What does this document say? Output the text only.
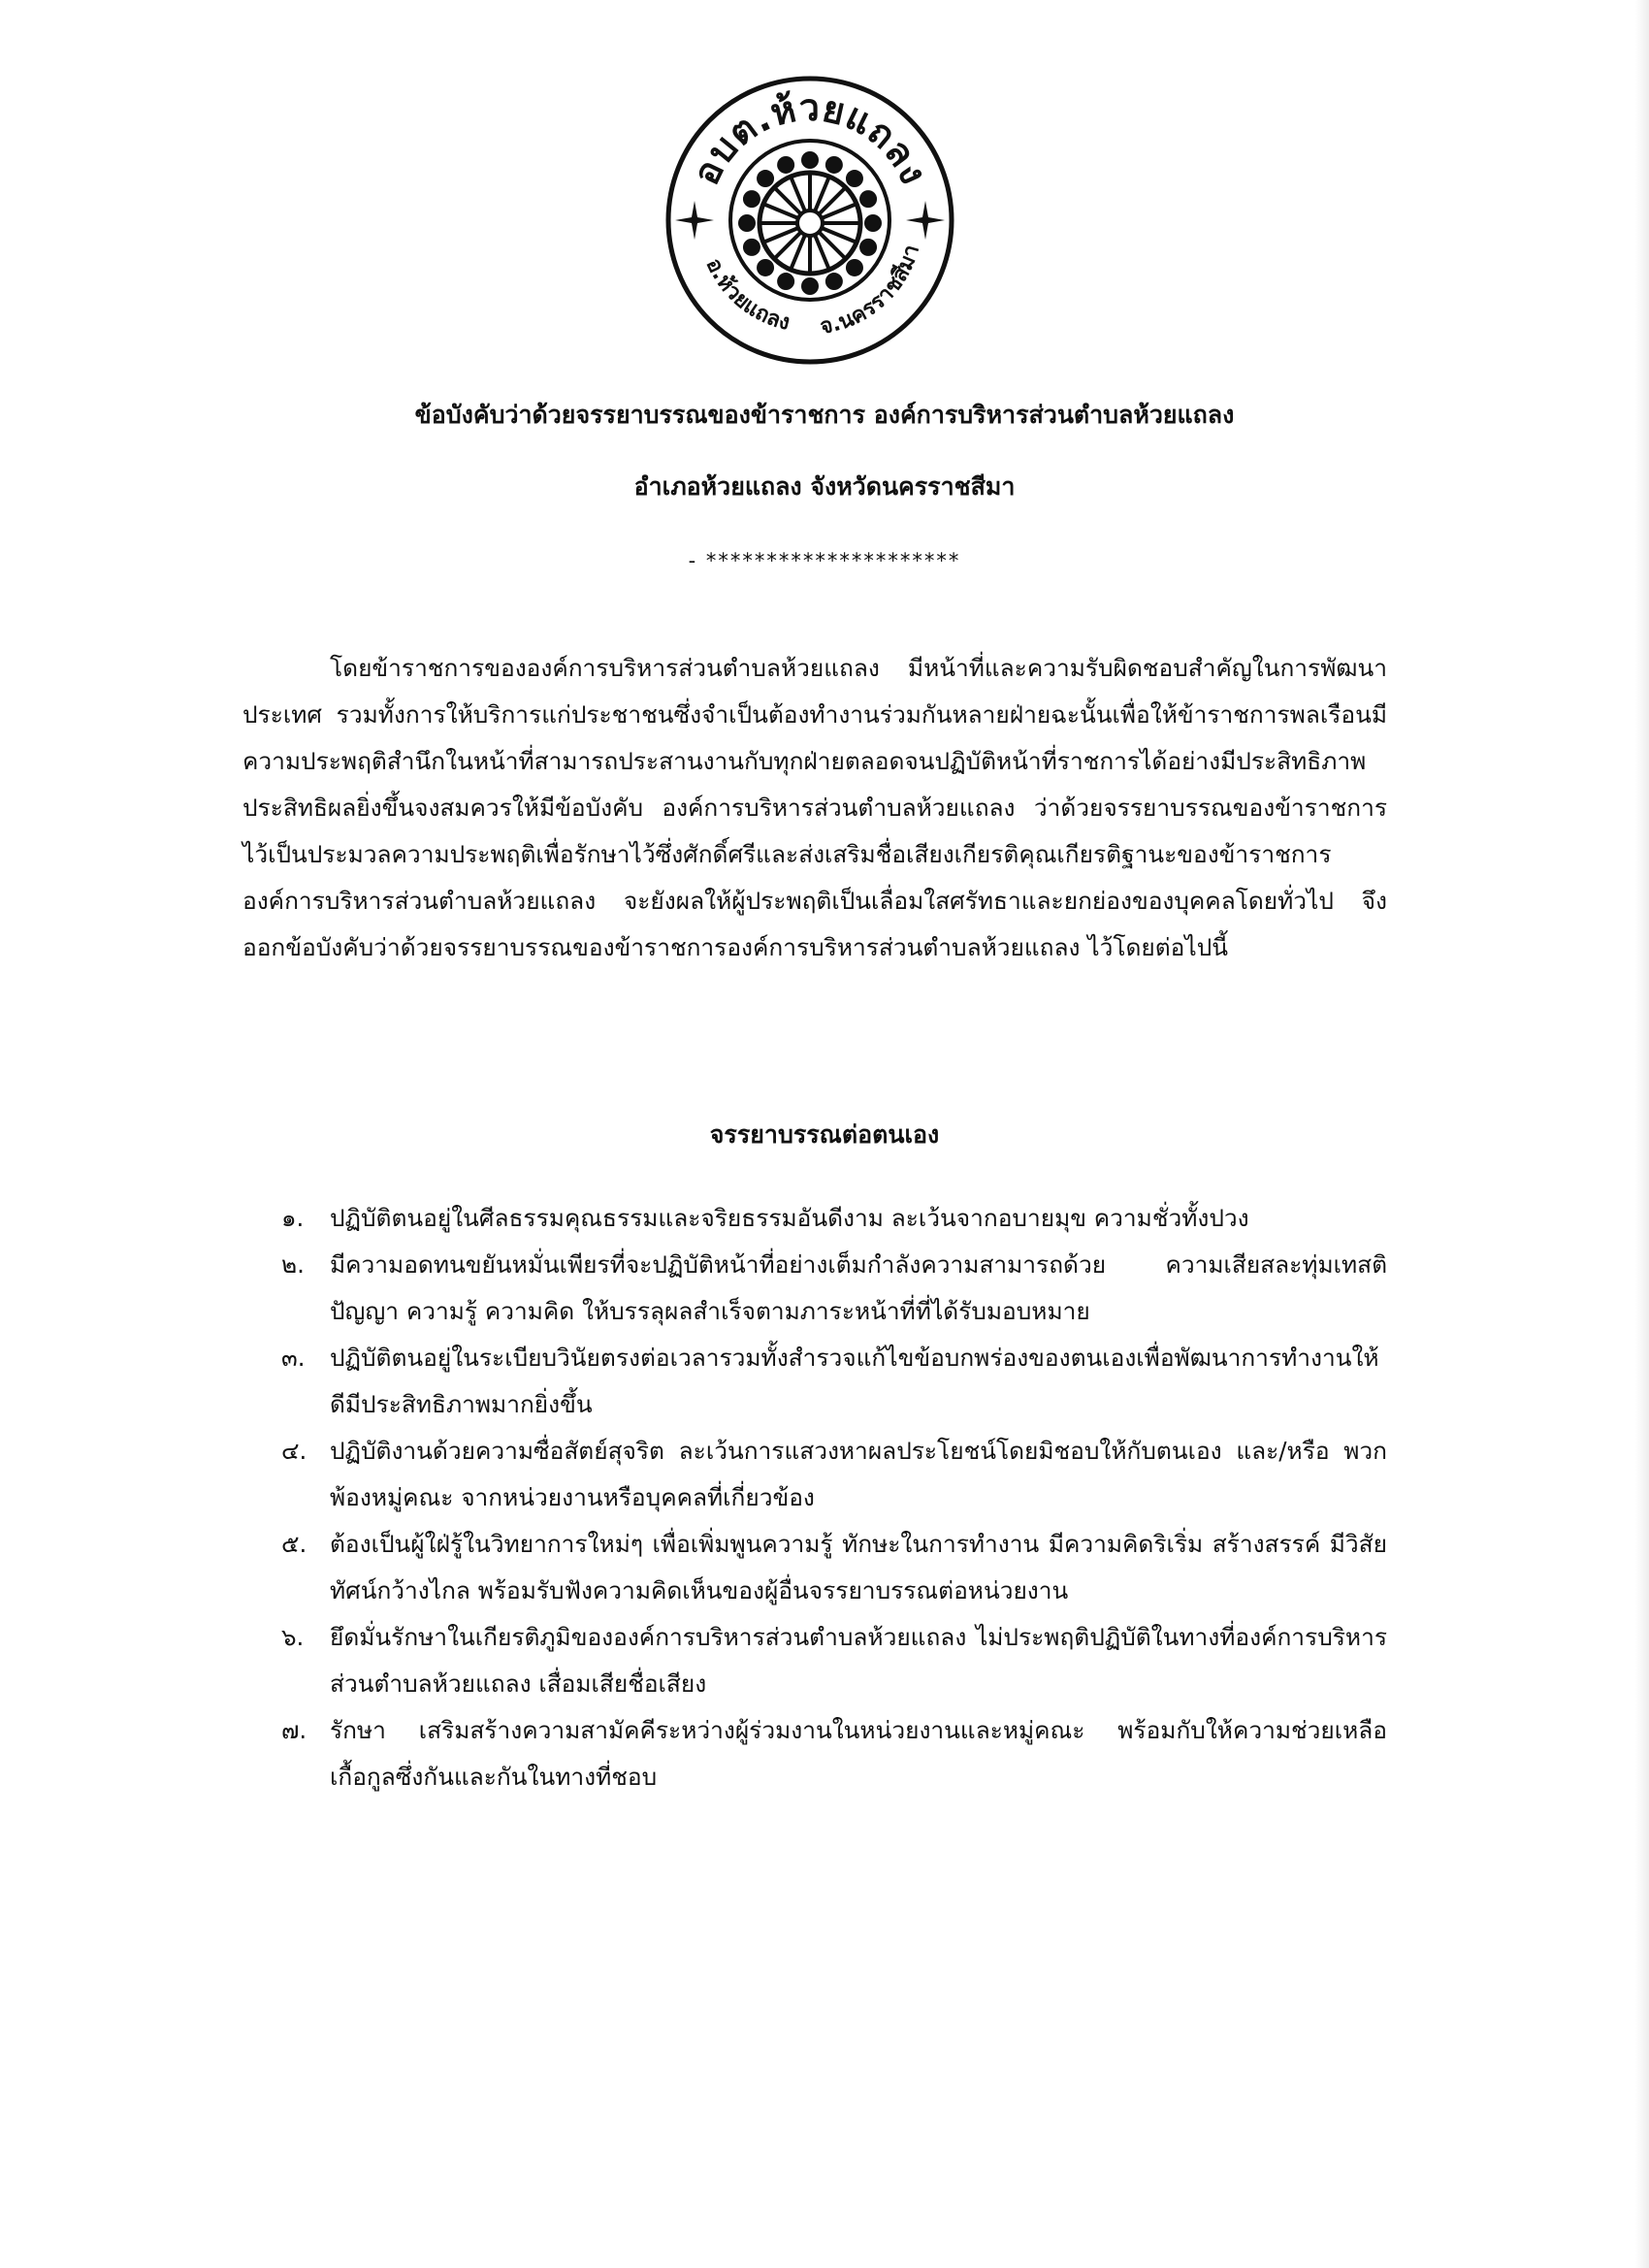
อบต.ห้วยแถลง
อ.ห้วยแถลง จ.นครราชสีมา
ข้อบังคับว่าด้วยจรรยาบรรณของข้าราชการ องค์การบริหารส่วนตำบลห้วยแถลง
อำเภอห้วยแถลง จังหวัดนครราชสีมา
- *********************

โดยข้าราชการขององค์การบริหารส่วนตำบลห้วยแถลง มีหน้าที่และความรับผิดชอบสำคัญในการพัฒนาประเทศ รวมทั้งการให้บริการแก่ประชาชนซึ่งจำเป็นต้องทำงานร่วมกันหลายฝ่ายฉะนั้นเพื่อให้ข้าราชการพลเรือนมีความประพฤติสำนึกในหน้าที่สามารถประสานงานกับทุกฝ่ายตลอดจนปฏิบัติหน้าที่ราชการได้อย่างมีประสิทธิภาพประสิทธิผลยิ่งขึ้นจงสมควรให้มีข้อบังคับ องค์การบริหารส่วนตำบลห้วยแถลง ว่าด้วยจรรยาบรรณของข้าราชการไว้เป็นประมวลความประพฤติเพื่อรักษาไว้ซึ่งศักดิ์ศรีและส่งเสริมชื่อเสียงเกียรติคุณเกียรติฐานะของข้าราชการองค์การบริหารส่วนตำบลห้วยแถลง จะยังผลให้ผู้ประพฤติเป็นเลื่อมใสศรัทธาและยกย่องของบุคคลโดยทั่วไป จึงออกข้อบังคับว่าด้วยจรรยาบรรณของข้าราชการองค์การบริหารส่วนตำบลห้วยแถลง ไว้โดยต่อไปนี้

จรรยาบรรณต่อตนเอง
๑.	ปฏิบัติตนอยู่ในศีลธรรมคุณธรรมและจริยธรรมอันดีงาม ละเว้นจากอบายมุข ความชั่วทั้งปวง
๒.	มีความอดทนขยันหมั่นเพียรที่จะปฏิบัติหน้าที่อย่างเต็มกำลังความสามารถด้วย ความเสียสละทุ่มเทสติปัญญา ความรู้ ความคิด ให้บรรลุผลสำเร็จตามภาระหน้าที่ที่ได้รับมอบหมาย
๓.	ปฏิบัติตนอยู่ในระเบียบวินัยตรงต่อเวลารวมทั้งสำรวจแก้ไขข้อบกพร่องของตนเองเพื่อพัฒนาการทำงานให้ดีมีประสิทธิภาพมากยิ่งขึ้น
๔. ปฏิบัติงานด้วยความซื่อสัตย์สุจริต ละเว้นการแสวงหาผลประโยชน์โดยมิชอบให้กับตนเอง และ/หรือ พวกพ้องหมู่คณะ จากหน่วยงานหรือบุคคลที่เกี่ยวข้อง
๕. ต้องเป็นผู้ใฝ่รู้ในวิทยาการใหม่ๆ เพื่อเพิ่มพูนความรู้ ทักษะในการทำงาน มีความคิดริเริ่ม สร้างสรรค์ มีวิสัยทัศน์กว้างไกล พร้อมรับฟังความคิดเห็นของผู้อื่นจรรยาบรรณต่อหน่วยงาน
๖.	ยึดมั่นรักษาในเกียรติภูมิขององค์การบริหารส่วนตำบลห้วยแถลง ไม่ประพฤติปฏิบัติในทางที่องค์การบริหารส่วนตำบลห้วยแถลง เสื่อมเสียชื่อเสียง
๗. รักษา เสริมสร้างความสามัคคีระหว่างผู้ร่วมงานในหน่วยงานและหมู่คณะ พร้อมกับให้ความช่วยเหลือเกื้อกูลซึ่งกันและกันในทางที่ชอบ
